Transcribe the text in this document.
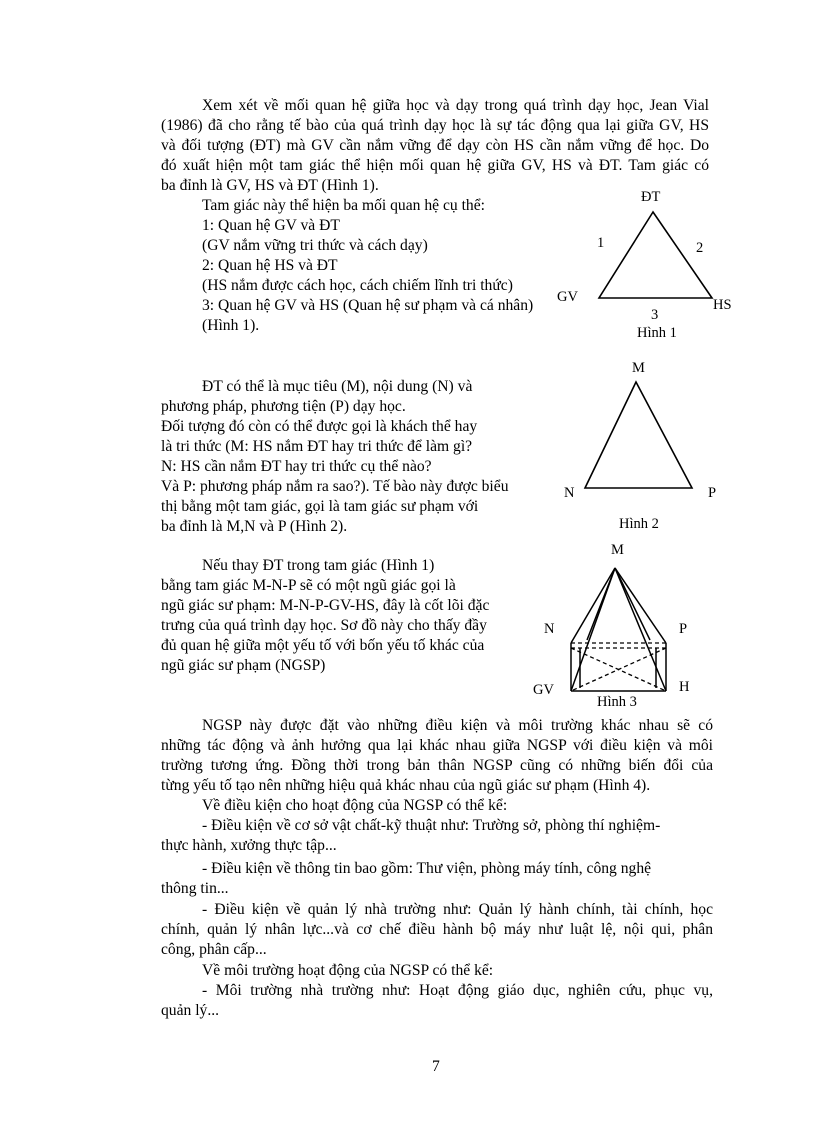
Xem xét về mối quan hệ giữa học và dạy trong quá trình dạy học, Jean Vial
(1986) đã cho rằng tế bào của quá trình dạy học là sự tác động qua lại giữa GV, HS
và đối tượng (ĐT) mà GV cần nắm vững để dạy còn HS cần nắm vững để học. Do
đó xuất hiện một tam giác thể hiện mối quan hệ giữa GV, HS và ĐT. Tam giác có
ba đỉnh là GV, HS và ĐT (Hình 1).
Tam giác này thể hiện ba mối quan hệ cụ thể:
1: Quan hệ GV và ĐT
(GV nắm vững tri thức và cách dạy)
2: Quan hệ HS và ĐT
(HS nắm được cách học, cách chiếm lĩnh tri thức)
3: Quan hệ GV và HS (Quan hệ sư phạm và cá nhân)
(Hình 1).
ĐT
GV	HS
1	2
3
Hình 1
ĐT có thể là mục tiêu (M), nội dung (N) và
phương pháp, phương tiện (P) dạy học.
Đối tượng đó còn có thể được gọi là khách thể hay
là tri thức (M: HS nắm ĐT hay tri thức để làm gì?
N: HS cần nắm ĐT hay tri thức cụ thể nào?
Và P: phương pháp nắm ra sao?). Tế bào này được biểu
thị bằng một tam giác, gọi là tam giác sư phạm với
ba đỉnh là M,N và P (Hình 2).
M
N	P
Hình 2
Nếu thay ĐT trong tam giác (Hình 1)
bằng tam giác M-N-P sẽ có một ngũ giác gọi là
ngũ giác sư phạm: M-N-P-GV-HS, đây là cốt lõi đặc
trưng của quá trình dạy học. Sơ đồ này cho thấy đầy
đủ quan hệ giữa một yếu tố với bốn yếu tố khác của
ngũ giác sư phạm (NGSP)
M
N	P
GV	H
Hình 3
NGSP này được đặt vào những điều kiện và môi trường khác nhau sẽ có
những tác động và ảnh hưởng qua lại khác nhau giữa NGSP với điều kiện và môi
trường tương ứng. Đồng thời trong bản thân NGSP cũng có những biến đổi của
từng yếu tố tạo nên những hiệu quả khác nhau của ngũ giác sư phạm (Hình 4).
Về điều kiện cho hoạt động của NGSP có thể kể:
- Điều kiện về cơ sở vật chất-kỹ thuật như: Trường sở, phòng thí nghiệm-
thực hành, xưởng thực tập...
- Điều kiện về thông tin bao gồm: Thư viện, phòng máy tính, công nghệ
thông tin...
- Điều kiện về quản lý nhà trường như: Quản lý hành chính, tài chính, học
chính, quản lý nhân lực...và cơ chế điều hành bộ máy như luật lệ, nội qui, phân
công, phân cấp...
Về môi trường hoạt động của NGSP có thể kể:
- Môi trường nhà trường như: Hoạt động giáo dục, nghiên cứu, phục vụ,
quản lý...
7
